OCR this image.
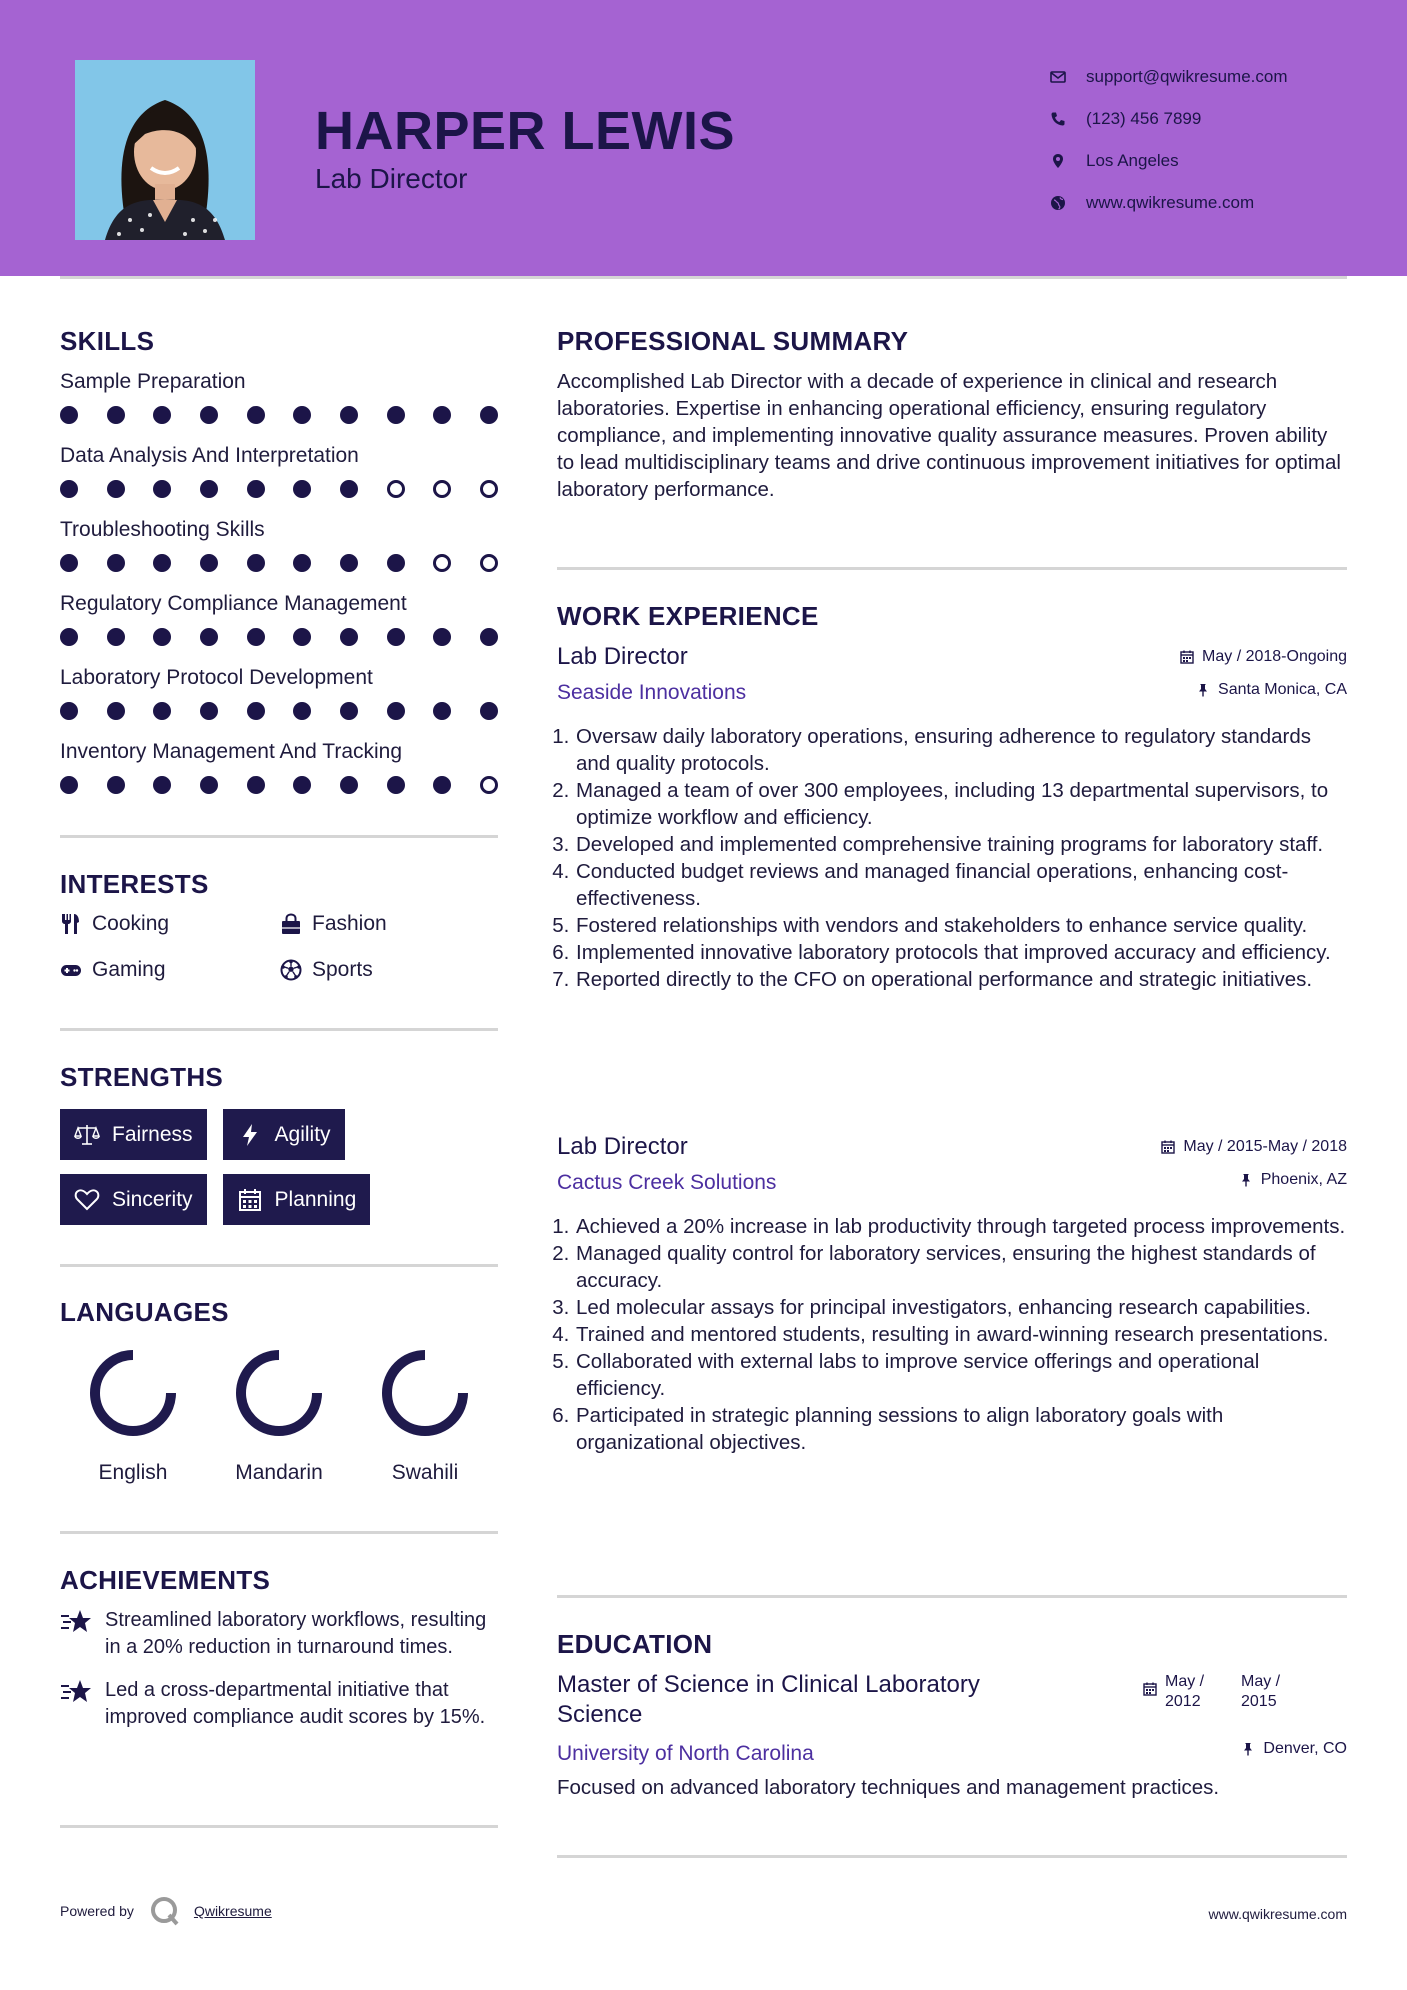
HARPER LEWIS
Lab Director
support@qwikresume.com
(123) 456 7899
Los Angeles
www.qwikresume.com
SKILLS
Sample Preparation
Data Analysis And Interpretation
Troubleshooting Skills
Regulatory Compliance Management
Laboratory Protocol Development
Inventory Management And Tracking
INTERESTS
Cooking	Fashion
Gaming	Sports
STRENGTHS
Fairness	Agility
Sincerity	Planning
LANGUAGES
English	Mandarin	Swahili
ACHIEVEMENTS
Streamlined laboratory workflows, resulting in a 20% reduction in turnaround times.
Led a cross-departmental initiative that improved compliance audit scores by 15%.
PROFESSIONAL SUMMARY
Accomplished Lab Director with a decade of experience in clinical and research laboratories. Expertise in enhancing operational efficiency, ensuring regulatory compliance, and implementing innovative quality assurance measures. Proven ability to lead multidisciplinary teams and drive continuous improvement initiatives for optimal laboratory performance.
WORK EXPERIENCE
Lab Director
Seaside Innovations
May / 2018-Ongoing
Santa Monica, CA
1. Oversaw daily laboratory operations, ensuring adherence to regulatory standards and quality protocols.
2. Managed a team of over 300 employees, including 13 departmental supervisors, to optimize workflow and efficiency.
3. Developed and implemented comprehensive training programs for laboratory staff.
4. Conducted budget reviews and managed financial operations, enhancing cost-effectiveness.
5. Fostered relationships with vendors and stakeholders to enhance service quality.
6. Implemented innovative laboratory protocols that improved accuracy and efficiency.
7. Reported directly to the CFO on operational performance and strategic initiatives.
Lab Director
Cactus Creek Solutions
May / 2015-May / 2018
Phoenix, AZ
1. Achieved a 20% increase in lab productivity through targeted process improvements.
2. Managed quality control for laboratory services, ensuring the highest standards of accuracy.
3. Led molecular assays for principal investigators, enhancing research capabilities.
4. Trained and mentored students, resulting in award-winning research presentations.
5. Collaborated with external labs to improve service offerings and operational efficiency.
6. Participated in strategic planning sessions to align laboratory goals with organizational objectives.
EDUCATION
Master of Science in Clinical Laboratory Science
University of North Carolina
Focused on advanced laboratory techniques and management practices.
May / 2012
May / 2015
Denver, CO
Powered by	Qwikresume	www.qwikresume.com
